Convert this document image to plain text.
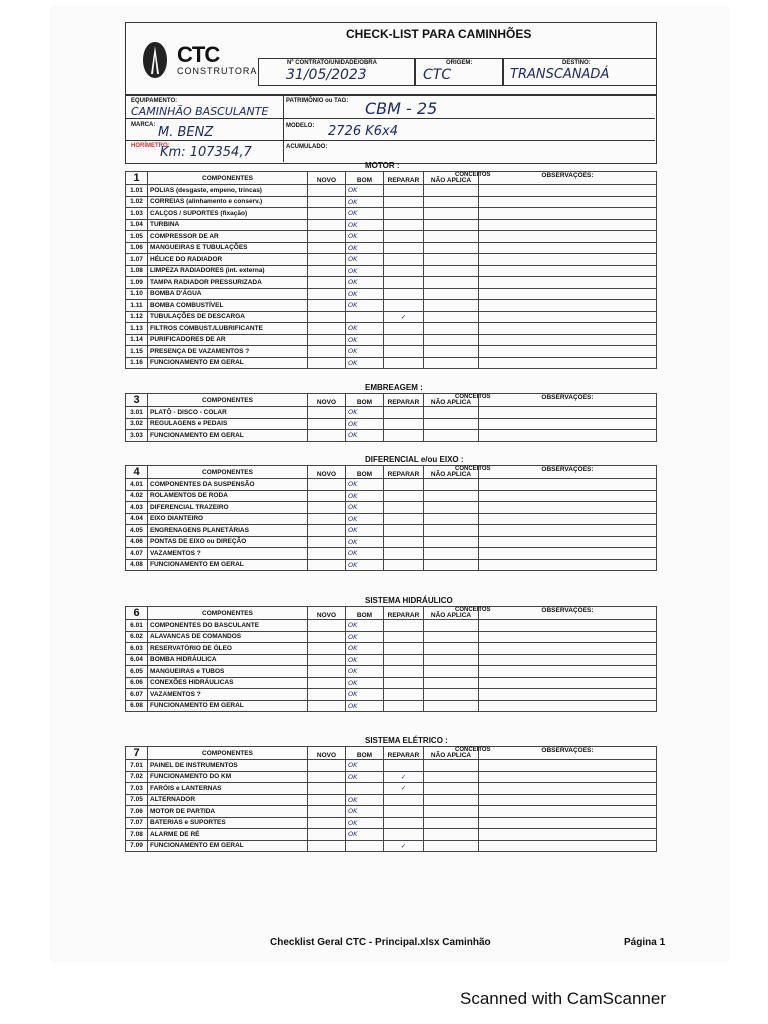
CHECK-LIST PARA CAMINHÕES
CTC
CONSTRUTORA
Nº CONTRATO/UNIDADE/OBRA
31/05/2023
ORIGEM:
CTC
DESTINO:
TRANSCANADÁ
EQUIPAMENTO:
CAMINHÃO BASCULANTE
PATRIMÔNIO ou TAG: CBM - 25
MARCA: M. BENZ	MODELO: 2726 K6x4
HORÍMETRO:
Km: 107354,7	ACUMULADO:
MOTOR :
1	COMPONENTES	NOVO	BOM	REPARAR	NÃO APLICA	OBSERVAÇÕES:
1.01	POLIAS (desgaste, empeno, trincas)		OK			
1.02	CORREIAS (alinhamento e conserv.)		OK			
1.03	CALÇOS / SUPORTES (fixação)		OK			
1.04	TURBINA		OK			
1.05	COMPRESSOR DE AR		OK			
1.06	MANGUEIRAS E TUBULAÇÕES		OK			
1.07	HÉLICE DO RADIADOR		OK			
1.08	LIMPEZA RADIADORES (int. externa)		OK			
1.09	TAMPA RADIADOR PRESSURIZADA		OK			
1.10	BOMBA D'ÁGUA		OK			
1.11	BOMBA COMBUSTÍVEL		OK			
1.12	TUBULAÇÕES DE DESCARGA			✓		
1.13	FILTROS COMBUST./LUBRIFICANTE		OK			
1.14	PURIFICADORES DE AR		OK			
1.15	PRESENÇA DE VAZAMENTOS ?		OK			
1.16	FUNCIONAMENTO EM GERAL		OK			
CONCEITOS
EMBREAGEM :
3	COMPONENTES	NOVO	BOM	REPARAR	NÃO APLICA	OBSERVAÇÕES:
3.01	PLATÔ - DISCO - COLAR		OK			
3.02	REGULAGENS e PEDAIS		OK			
3.03	FUNCIONAMENTO EM GERAL		OK			
CONCEITOS
DIFERENCIAL e/ou EIXO :
4	COMPONENTES	NOVO	BOM	REPARAR	NÃO APLICA	OBSERVAÇÕES:
4.01	COMPONENTES DA SUSPENSÃO		OK			
4.02	ROLAMENTOS DE RODA		OK			
4.03	DIFERENCIAL TRAZEIRO		OK			
4.04	EIXO DIANTEIRO		OK			
4.05	ENGRENAGENS PLANETÁRIAS		OK			
4.06	PONTAS DE EIXO ou DIREÇÃO		OK			
4.07	VAZAMENTOS ?		OK			
4.08	FUNCIONAMENTO EM GERAL		OK			
CONCEITOS
SISTEMA HIDRÁULICO
6	COMPONENTES	NOVO	BOM	REPARAR	NÃO APLICA	OBSERVAÇÕES:
6.01	COMPONENTES DO BASCULANTE		OK			
6.02	ALAVANCAS DE COMANDOS		OK			
6.03	RESERVATÓRIO DE ÓLEO		OK			
6.04	BOMBA HIDRÁULICA		OK			
6.05	MANGUEIRAS e TUBOS		OK			
6.06	CONEXÕES HIDRÁULICAS		OK			
6.07	VAZAMENTOS ?		OK			
6.08	FUNCIONAMENTO EM GERAL		OK			
CONCEITOS
SISTEMA ELÉTRICO :
7	COMPONENTES	NOVO	BOM	REPARAR	NÃO APLICA	OBSERVAÇÕES:
7.01	PAINEL DE INSTRUMENTOS		OK			
7.02	FUNCIONAMENTO DO KM		OK	✓		
7.03	FARÓIS e LANTERNAS			✓		
7.05	ALTERNADOR		OK			
7.06	MOTOR DE PARTIDA		OK			
7.07	BATERIAS e SUPORTES		OK			
7.08	ALARME DE RÉ		OK			
7.09	FUNCIONAMENTO EM GERAL			✓		
CONCEITOS
Checklist Geral CTC - Principal.xlsx Caminhão	Página 1
Scanned with CamScanner
